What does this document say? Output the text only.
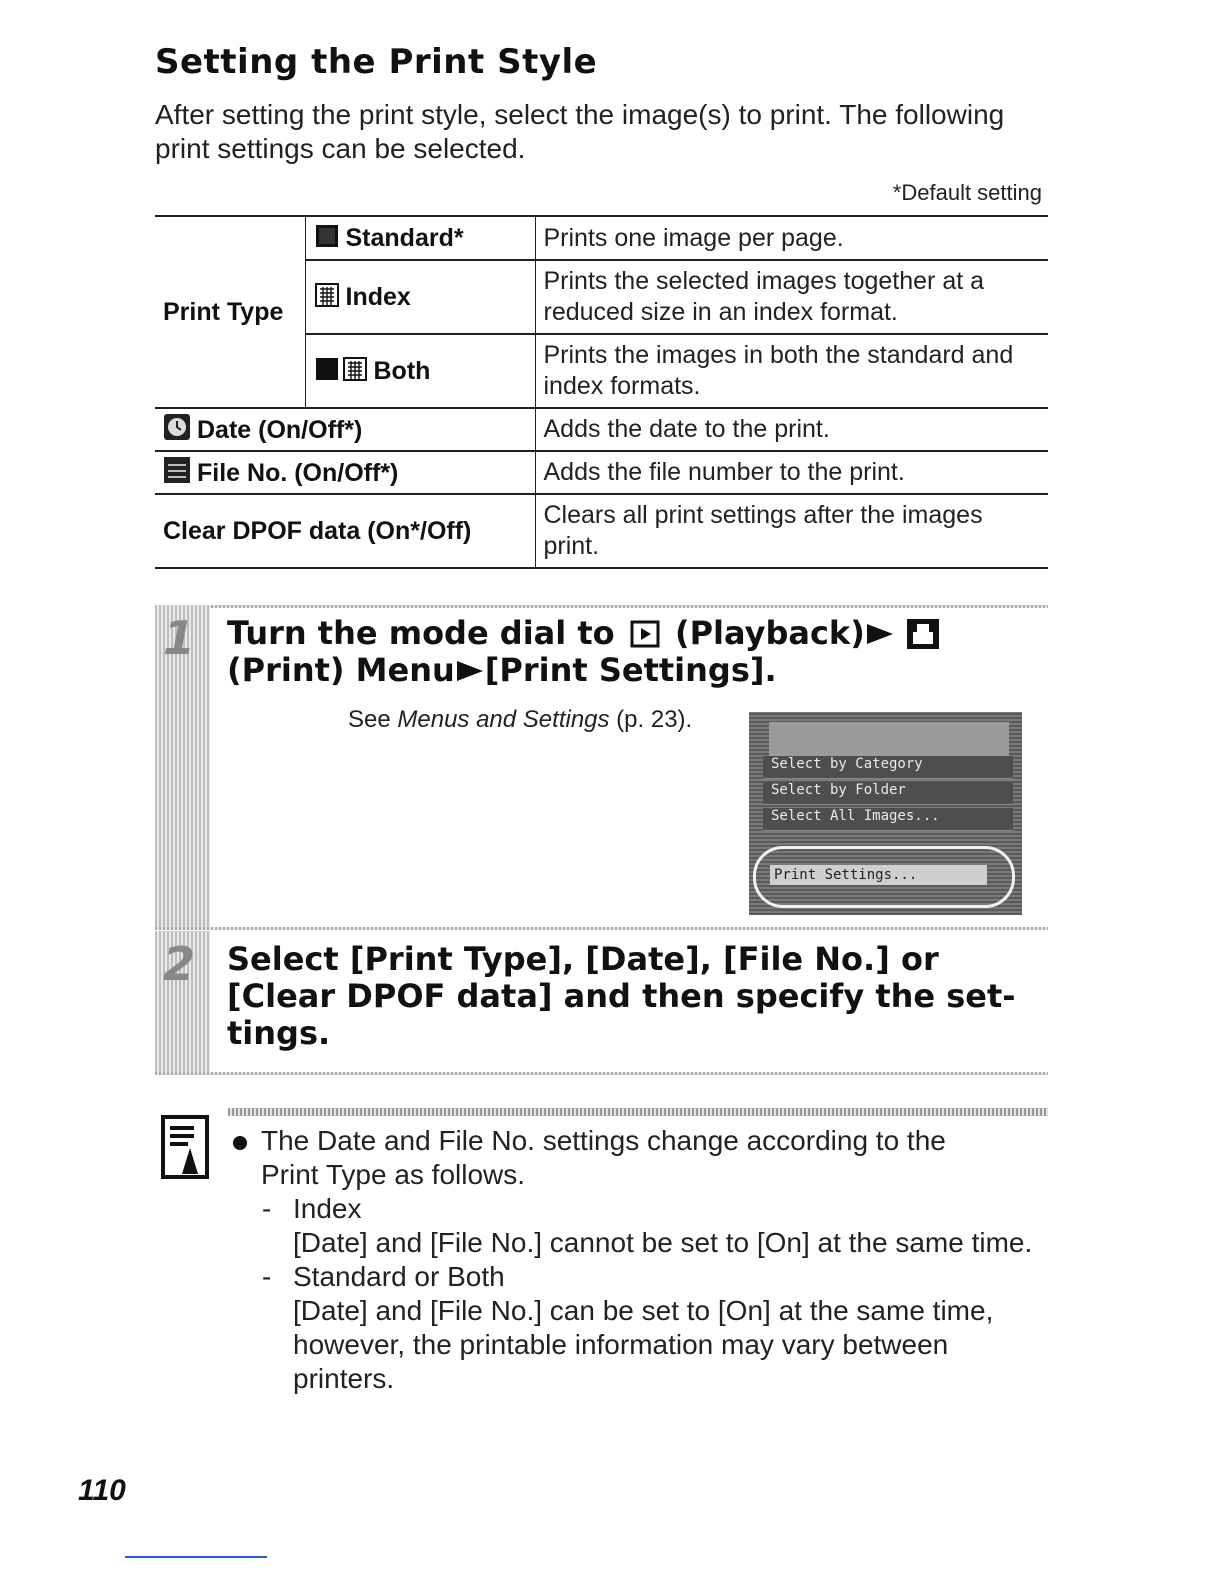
Setting the Print Style
After setting the print style, select the image(s) to print. The following print settings can be selected.
*Default setting
Print Type	Standard*	Prints one image per page.
	Index	Prints the selected images together at a reduced size in an index format.
	Both	Prints the images in both the standard and index formats.
Date (On/Off*)		Adds the date to the print.
File No. (On/Off*)		Adds the file number to the print.
Clear DPOF data (On*/Off)		Clears all print settings after the images print.
1 Turn the mode dial to (Playback)
(Print) Menu [Print Settings].
See Menus and Settings (p. 23).
Select by Category
Select by Folder
Select All Images...
Print Settings...
2 Select [Print Type], [Date], [File No.] or
[Clear DPOF data] and then specify the set-
tings.
The Date and File No. settings change according to the
Print Type as follows.
- Index
[Date] and [File No.] cannot be set to [On] at the same time.
- Standard or Both
[Date] and [File No.] can be set to [On] at the same time,
however, the printable information may vary between
printers.
110
